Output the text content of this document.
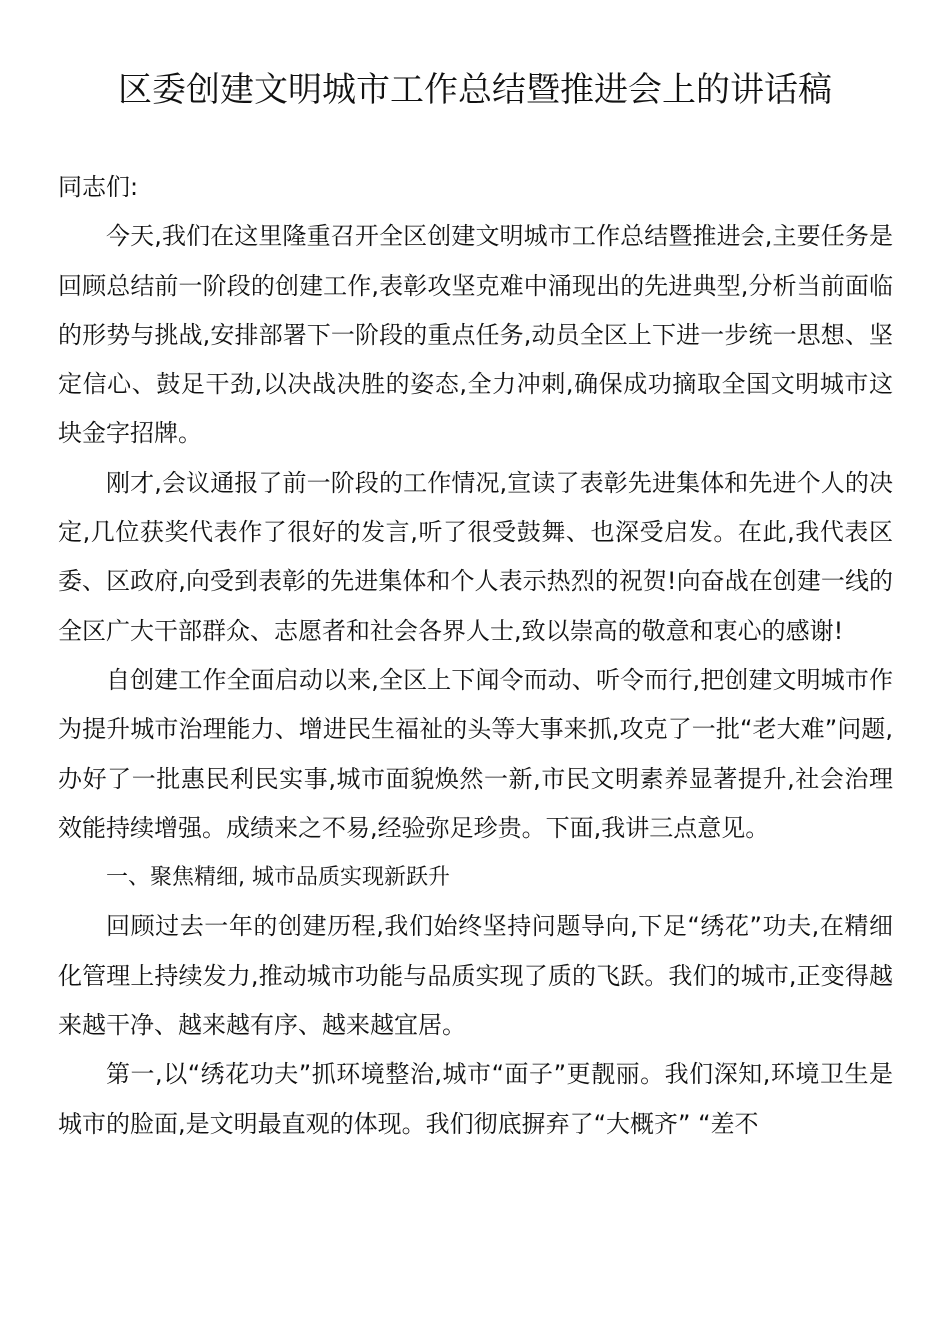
区委创建文明城市工作总结暨推进会上的讲话稿

同志们:

今天,我们在这里隆重召开全区创建文明城市工作总结暨推进会,主要任务是回顾总结前一阶段的创建工作,表彰攻坚克难中涌现出的先进典型,分析当前面临的形势与挑战,安排部署下一阶段的重点任务,动员全区上下进一步统一思想、坚定信心、鼓足干劲,以决战决胜的姿态,全力冲刺,确保成功摘取全国文明城市这块金字招牌。

刚才,会议通报了前一阶段的工作情况,宣读了表彰先进集体和先进个人的决定,几位获奖代表作了很好的发言,听了很受鼓舞、也深受启发。在此,我代表区委、区政府,向受到表彰的先进集体和个人表示热烈的祝贺!向奋战在创建一线的全区广大干部群众、志愿者和社会各界人士,致以崇高的敬意和衷心的感谢!

自创建工作全面启动以来,全区上下闻令而动、听令而行,把创建文明城市作为提升城市治理能力、增进民生福祉的头等大事来抓,攻克了一批“老大难”问题,办好了一批惠民利民实事,城市面貌焕然一新,市民文明素养显著提升,社会治理效能持续增强。成绩来之不易,经验弥足珍贵。下面,我讲三点意见。

一、聚焦精细, 城市品质实现新跃升

回顾过去一年的创建历程,我们始终坚持问题导向,下足“绣花”功夫,在精细化管理上持续发力,推动城市功能与品质实现了质的飞跃。我们的城市,正变得越来越干净、越来越有序、越来越宜居。

第一,以“绣花功夫”抓环境整治,城市“面子”更靓丽。我们深知,环境卫生是城市的脸面,是文明最直观的体现。我们彻底摒弃了“大概齐” “差不
